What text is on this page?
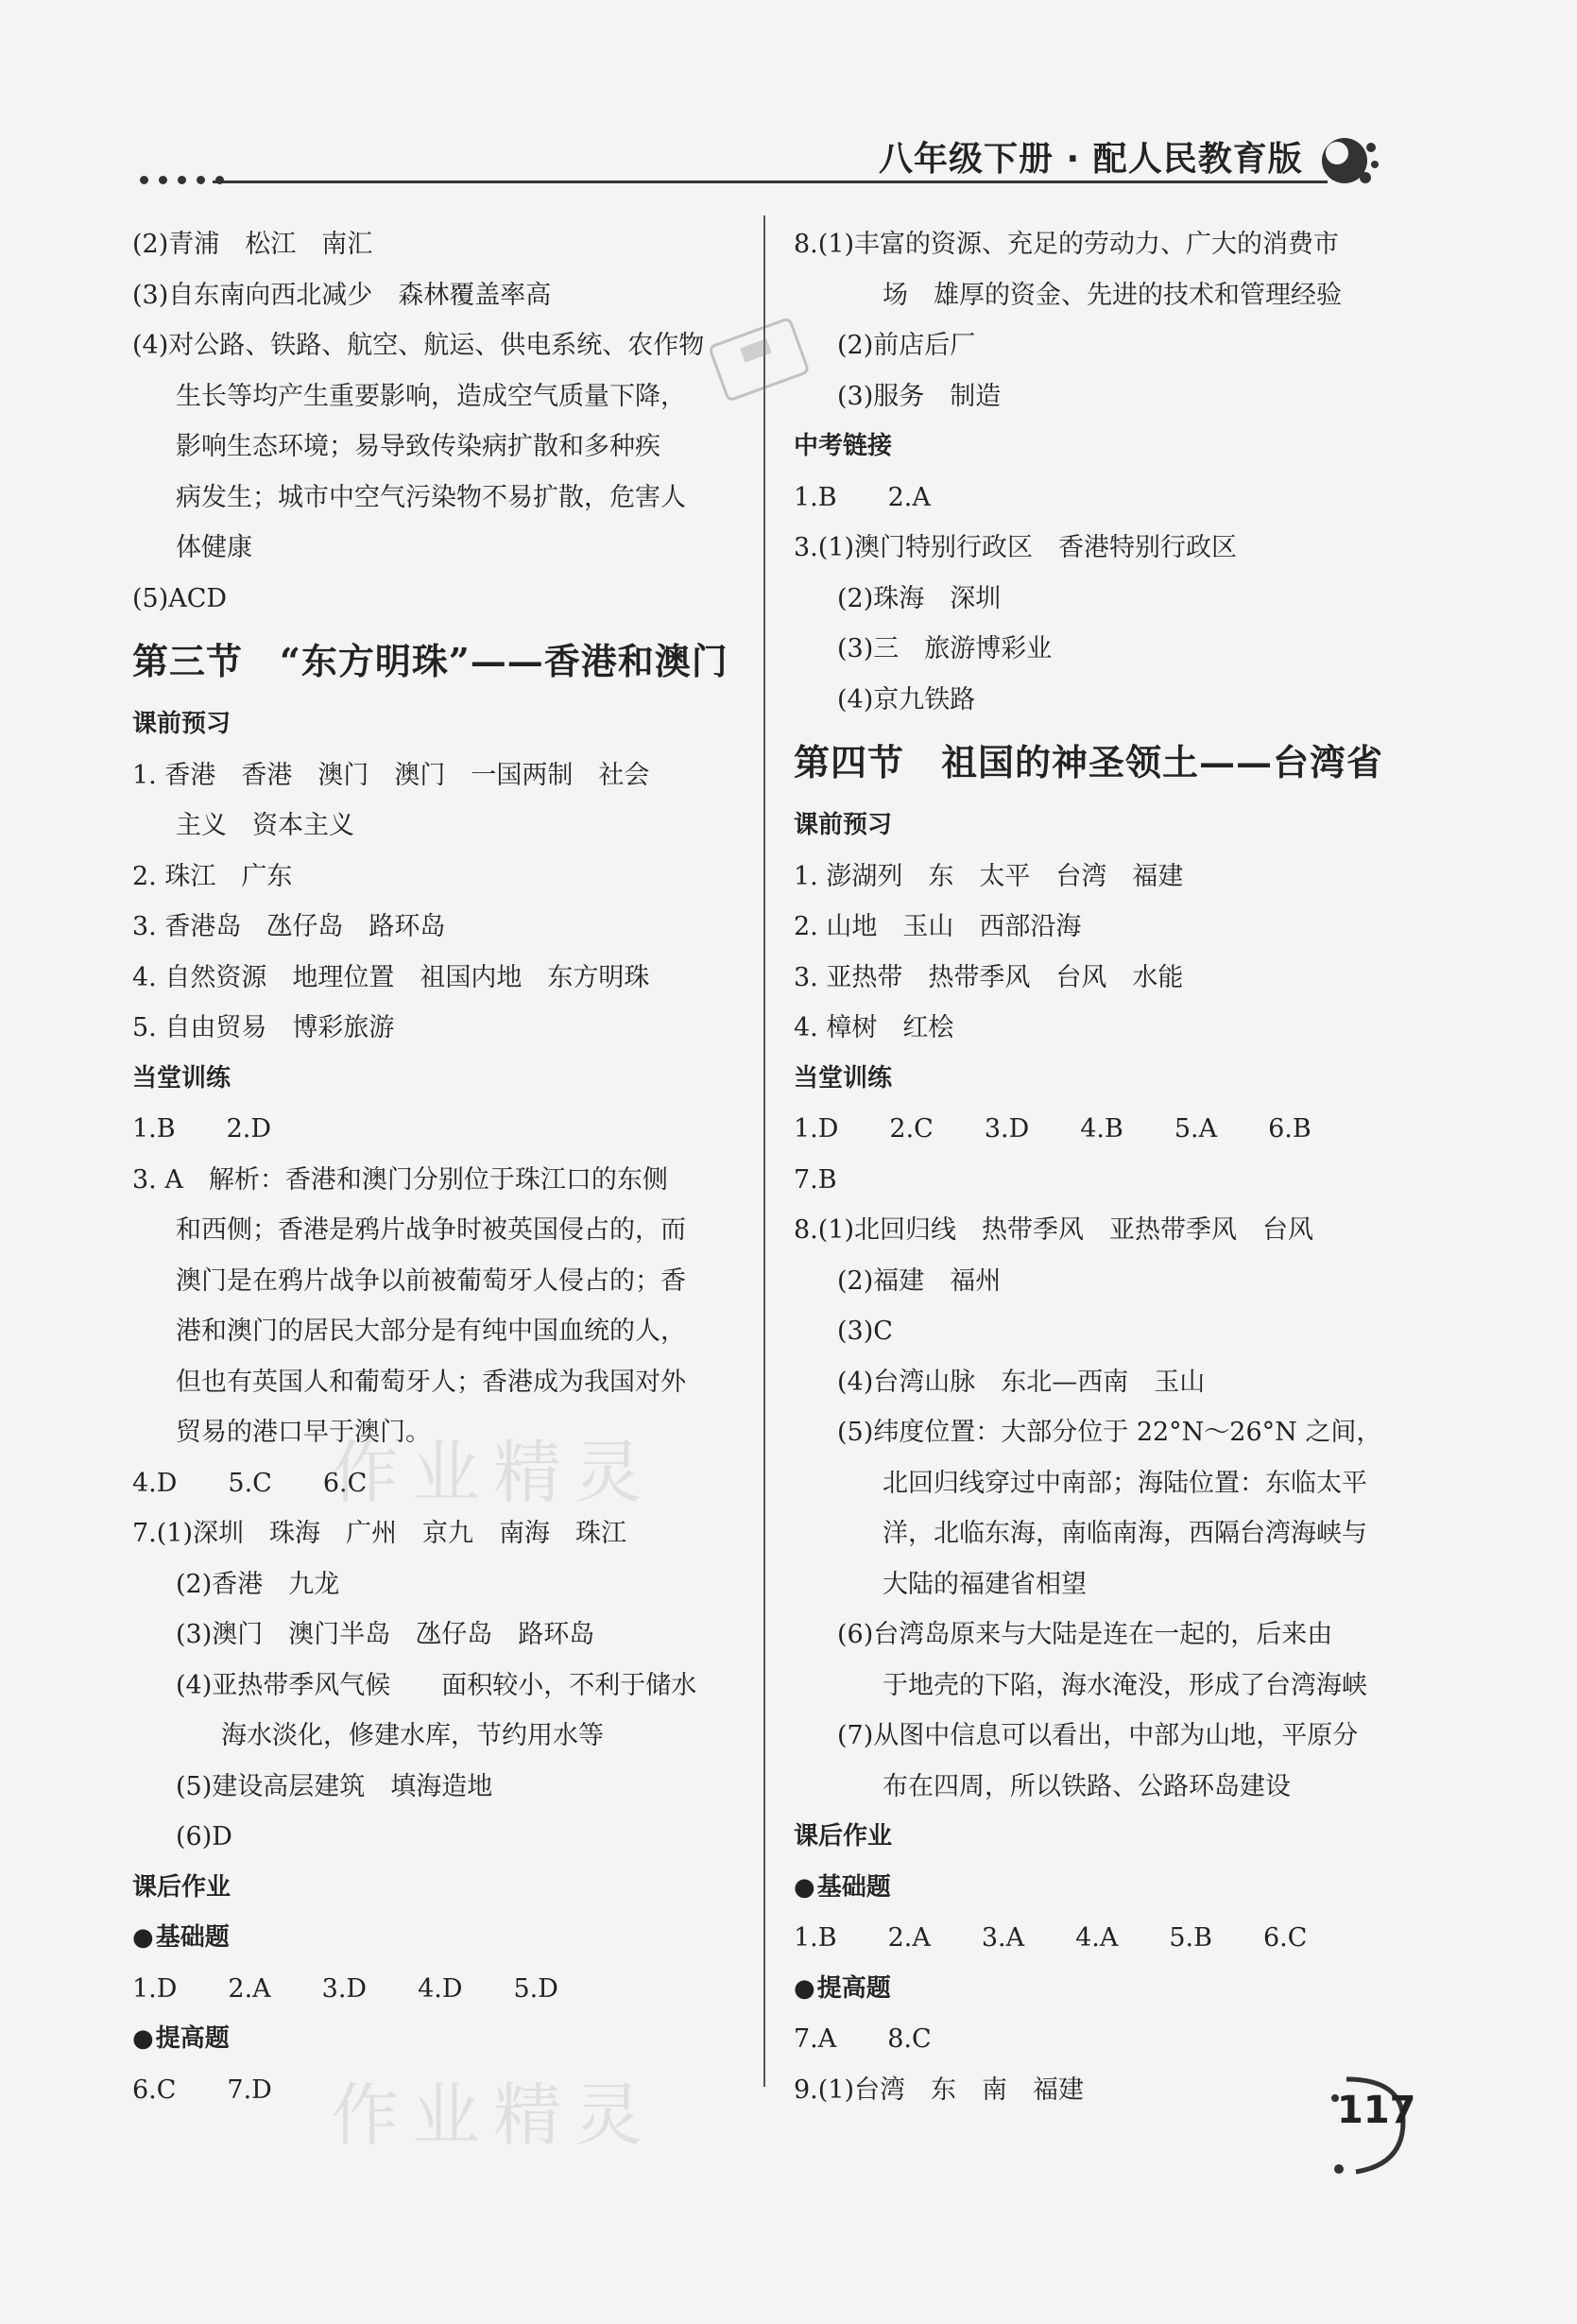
八年级下册 · 配人民教育版
(2)青浦　松江　南汇
(3)自东南向西北减少　森林覆盖率高
(4)对公路、铁路、航空、航运、供电系统、农作物
生长等均产生重要影响，造成空气质量下降，
影响生态环境；易导致传染病扩散和多种疾
病发生；城市中空气污染物不易扩散，危害人
体健康
(5)ACD
第三节　“东方明珠”——香港和澳门
课前预习
1. 香港　香港　澳门　澳门　一国两制　社会
主义　资本主义
2. 珠江　广东
3. 香港岛　氹仔岛　路环岛
4. 自然资源　地理位置　祖国内地　东方明珠
5. 自由贸易　博彩旅游
当堂训练
1.B　　2.D
3. A　解析：香港和澳门分别位于珠江口的东侧
和西侧；香港是鸦片战争时被英国侵占的，而
澳门是在鸦片战争以前被葡萄牙人侵占的；香
港和澳门的居民大部分是有纯中国血统的人，
但也有英国人和葡萄牙人；香港成为我国对外
贸易的港口早于澳门。
4.D　　5.C　　6.C
7.(1)深圳　珠海　广州　京九　南海　珠江
(2)香港　九龙
(3)澳门　澳门半岛　氹仔岛　路环岛
(4)亚热带季风气候　　面积较小，不利于储水
海水淡化，修建水库，节约用水等
(5)建设高层建筑　填海造地
(6)D
课后作业
● 基础题
1.D　　2.A　　3.D　　4.D　　5.D
● 提高题
6.C　　7.D
8.(1)丰富的资源、充足的劳动力、广大的消费市
场　雄厚的资金、先进的技术和管理经验
(2)前店后厂
(3)服务　制造
中考链接
1.B　　2.A
3.(1)澳门特别行政区　香港特别行政区
(2)珠海　深圳
(3)三　旅游博彩业
(4)京九铁路
第四节　祖国的神圣领土——台湾省
课前预习
1. 澎湖列　东　太平　台湾　福建
2. 山地　玉山　西部沿海
3. 亚热带　热带季风　台风　水能
4. 樟树　红桧
当堂训练
1.D　　2.C　　3.D　　4.B　　5.A　　6.B
7.B
8.(1)北回归线　热带季风　亚热带季风　台风
(2)福建　福州
(3)C
(4)台湾山脉　东北—西南　玉山
(5)纬度位置：大部分位于 22°N～26°N 之间，
北回归线穿过中南部；海陆位置：东临太平
洋，北临东海，南临南海，西隔台湾海峡与
大陆的福建省相望
(6)台湾岛原来与大陆是连在一起的，后来由
于地壳的下陷，海水淹没，形成了台湾海峡
(7)从图中信息可以看出，中部为山地，平原分
布在四周，所以铁路、公路环岛建设
课后作业
● 基础题
1.B　　2.A　　3.A　　4.A　　5.B　　6.C
● 提高题
7.A　　8.C
9.(1)台湾　东　南　福建
作业精灵
作业精灵	117
